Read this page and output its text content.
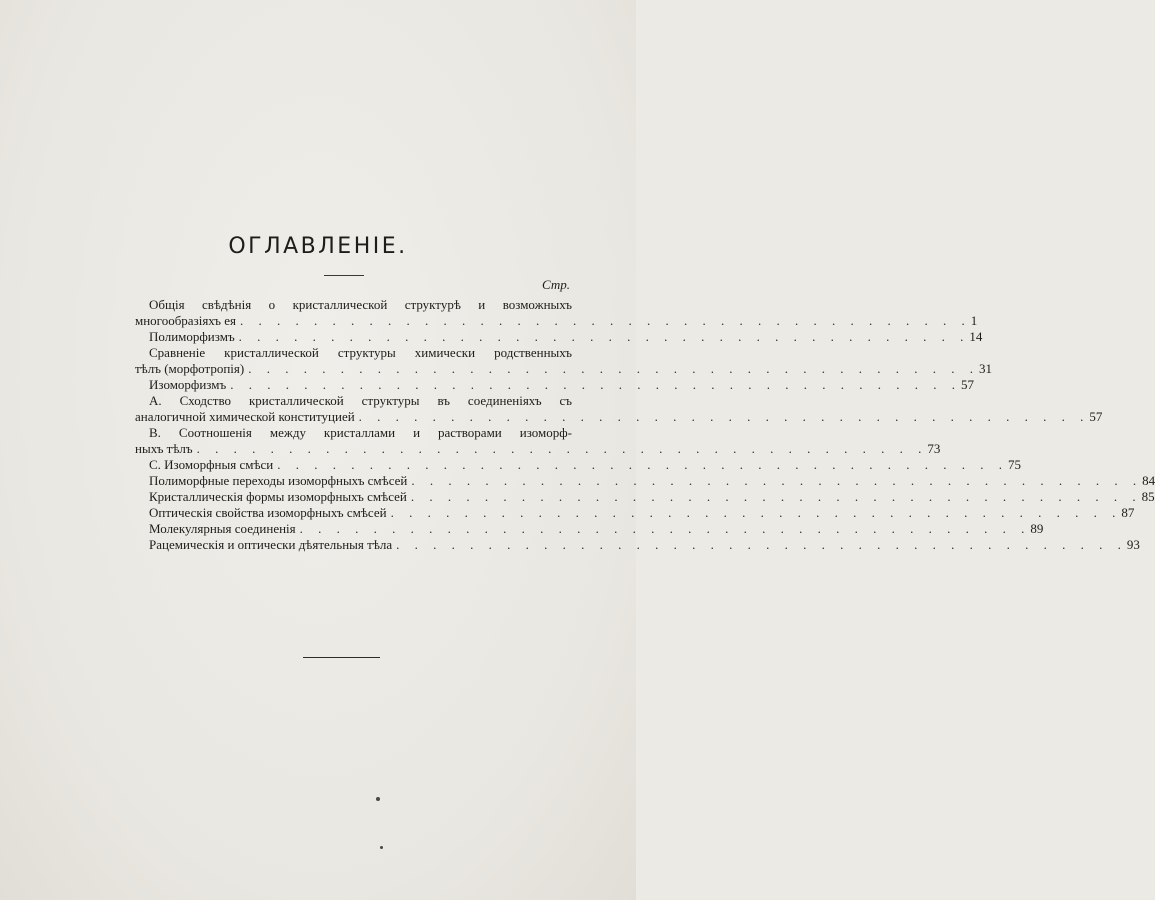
ОГЛАВЛЕНІЕ.
Стр.
Общія свѣдѣнія о кристаллической структурѣ и возможныхъ
многообразіяхъ ея . . . . . . . . . . . . . . . . . . . . . . . . . . . . . . . . . . . . . . . . 1
Полиморфизмъ . . . . . . . . . . . . . . . . . . . . . . . . . . . . . . . . . . . . . . . . 14
Сравненіе кристаллической структуры химически родственныхъ
тѣлъ (морфотропія) . . . . . . . . . . . . . . . . . . . . . . . . . . . . . . . . . . . . . . . . 31
Изоморфизмъ . . . . . . . . . . . . . . . . . . . . . . . . . . . . . . . . . . . . . . . . 57
А. Сходство кристаллической структуры въ соединеніяхъ съ
аналогичной химической конституцией . . . . . . . . . . . . . . . . . . . . . . . . . . . . . . . . . . . . . . . . 57
В. Соотношенія между кристаллами и растворами изоморф-
ныхъ тѣлъ . . . . . . . . . . . . . . . . . . . . . . . . . . . . . . . . . . . . . . . . 73
С. Изоморфныя смѣси . . . . . . . . . . . . . . . . . . . . . . . . . . . . . . . . . . . . . . . . 75
Полиморфные переходы изоморфныхъ смѣсей . . . . . . . . . . . . . . . . . . . . . . . . . . . . . . . . . . . . . . . . 84
Кристаллическія формы изоморфныхъ смѣсей . . . . . . . . . . . . . . . . . . . . . . . . . . . . . . . . . . . . . . . . 85
Оптическія свойства изоморфныхъ смѣсей . . . . . . . . . . . . . . . . . . . . . . . . . . . . . . . . . . . . . . . . 87
Молекулярныя соединенія . . . . . . . . . . . . . . . . . . . . . . . . . . . . . . . . . . . . . . . . 89
Рацемическія и оптически дѣятельныя тѣла . . . . . . . . . . . . . . . . . . . . . . . . . . . . . . . . . . . . . . . . 93
